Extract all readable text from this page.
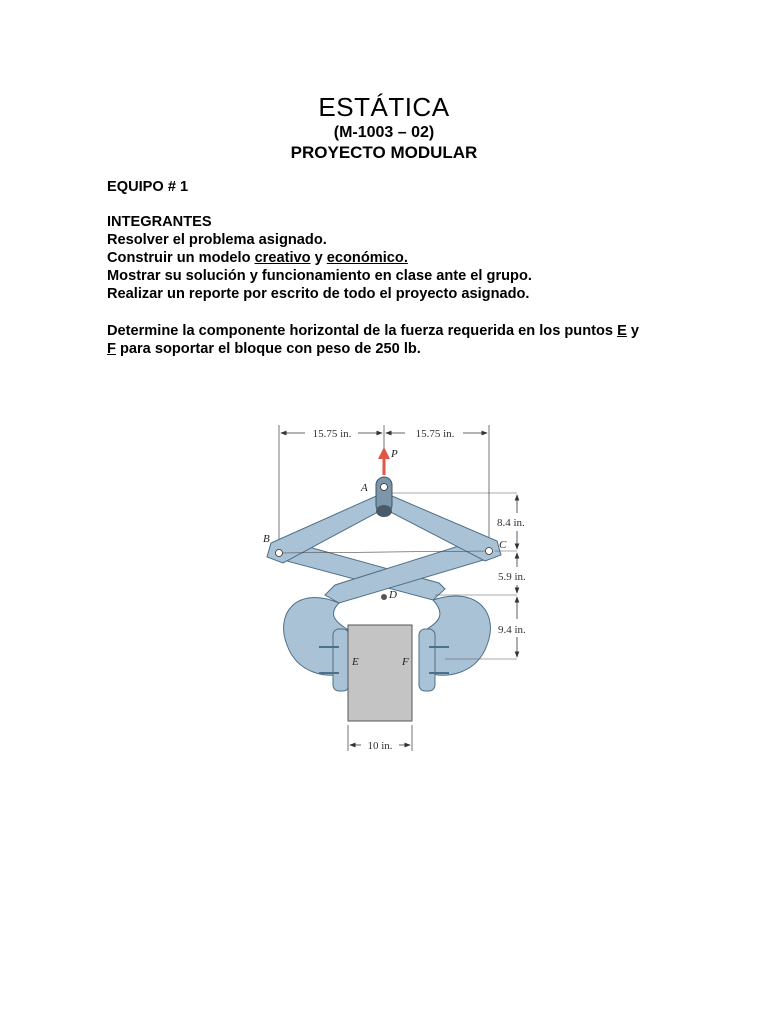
ESTÁTICA
(M-1003 – 02)
PROYECTO MODULAR
EQUIPO # 1
INTEGRANTES
Resolver el problema asignado.
Construir un modelo creativo y económico.
Mostrar su solución y funcionamiento en clase ante el grupo.
Realizar un reporte por escrito de todo el proyecto asignado.
Determine la componente horizontal de la fuerza requerida en los puntos E y
F para soportar el bloque con peso de 250 lb.
15.75 in.	15.75 in.
P
A
B	C
E	F
D
8.4 in.
5.9 in.
9.4 in.
10 in.
